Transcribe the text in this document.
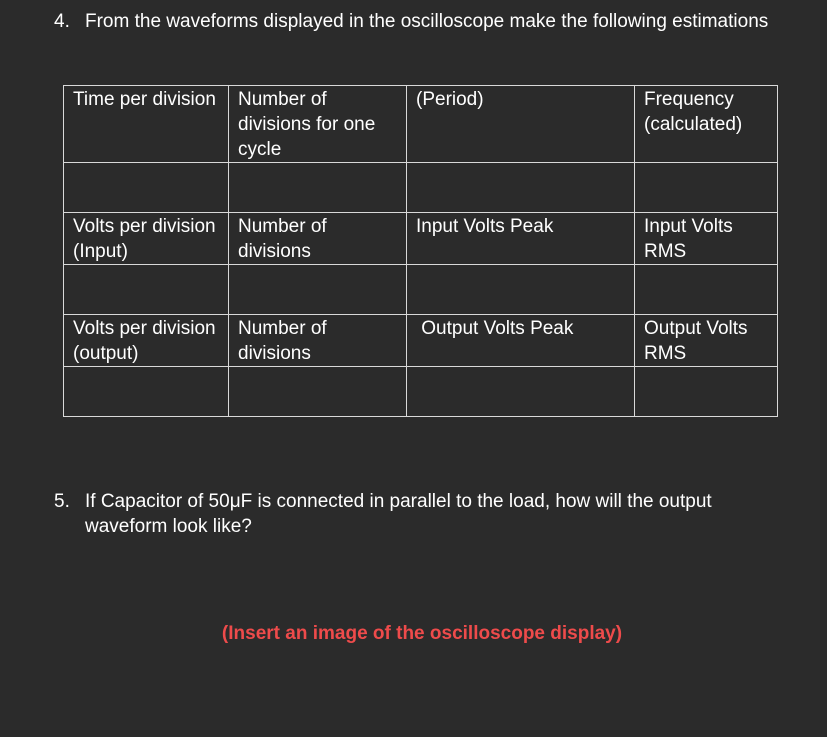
4. From the waveforms displayed in the oscilloscope make the following estimations
Time per division	Number of divisions for one cycle	(Period)	Frequency (calculated)

Volts per division (Input)	Number of divisions	Input Volts Peak	Input Volts RMS

Volts per division (output)	Number of divisions	Output Volts Peak	Output Volts RMS

5. If Capacitor of 50μF is connected in parallel to the load, how will the output waveform look like?
(Insert an image of the oscilloscope display)
